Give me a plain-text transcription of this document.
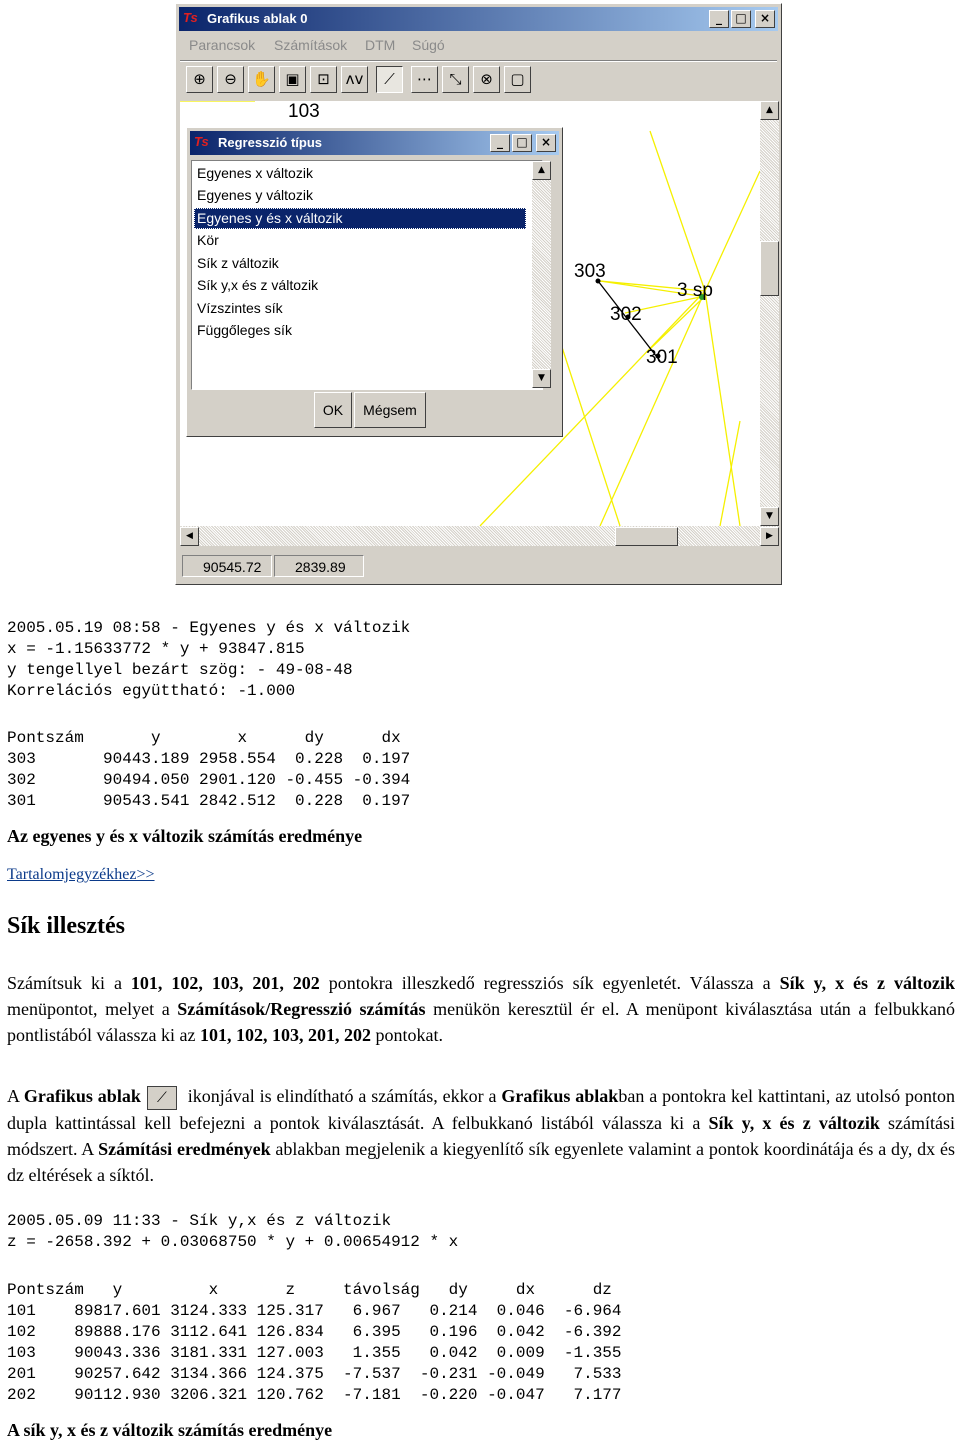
Ts Grafikus ablak 0	_	□	×
Parancsok Számítások DTM Súgó
⊕	⊖	✋ ▣	⊡	ʌv	⟋	⋯	⤡	⊗	▢
303
302
301
3 sp
103	▲
▼
▶
◀
90545.72	2839.89
Ts Regresszió típus	_	□	×
Egyenes x változik
Egyenes y változik
Egyenes y és x változik
Kör
Sík z változik
Sík y,x és z változik
Vízszintes sík
Függőleges sík
▲
▼
OK	Mégsem
2005.05.19 08:58 - Egyenes y és x változik
x = -1.15633772 * y + 93847.815
y tengellyel bezárt szög: - 49-08-48
Korrelációs együttható: -1.000
Pontszám       y        x      dy      dx
303       90443.189 2958.554  0.228  0.197
302       90494.050 2901.120 -0.455 -0.394
301       90543.541 2842.512  0.228  0.197
Az egyenes y és x változik számítás eredménye
Tartalomjegyzékhez>>
Sík illesztés
Számítsuk ki a 101, 102, 103, 201, 202 pontokra illeszkedő regressziós sík egyenletét. Válassza a Sík y, x és z változik menüpontot, melyet a Számítások/Regresszió számítás menükön keresztül ér el. A menüpont kiválasztása után a felbukkanó pontlistából válassza ki az 101, 102, 103, 201, 202 pontokat.
A Grafikus ablak ⟋ ikonjával is elindítható a számítás, ekkor a Grafikus ablakban a pontokra kel kattintani, az utolsó ponton dupla kattintással kell befejezni a pontok kiválasztását. A felbukkanó listából válassza ki a Sík y, x és z változik számítási módszert. A Számítási eredmények ablakban megjelenik a kiegyenlítő sík egyenlete valamint a pontok koordinátája és a dy, dx és dz eltérések a síktól.
2005.05.09 11:33 - Sík y,x és z változik
z = -2658.392 + 0.03068750 * y + 0.00654912 * x
Pontszám   y         x       z     távolság   dy     dx      dz
101    89817.601 3124.333 125.317   6.967   0.214  0.046  -6.964
102    89888.176 3112.641 126.834   6.395   0.196  0.042  -6.392
103    90043.336 3181.331 127.003   1.355   0.042  0.009  -1.355
201    90257.642 3134.366 124.375  -7.537  -0.231 -0.049   7.533
202    90112.930 3206.321 120.762  -7.181  -0.220 -0.047   7.177
A sík y, x és z változik számítás eredménye
